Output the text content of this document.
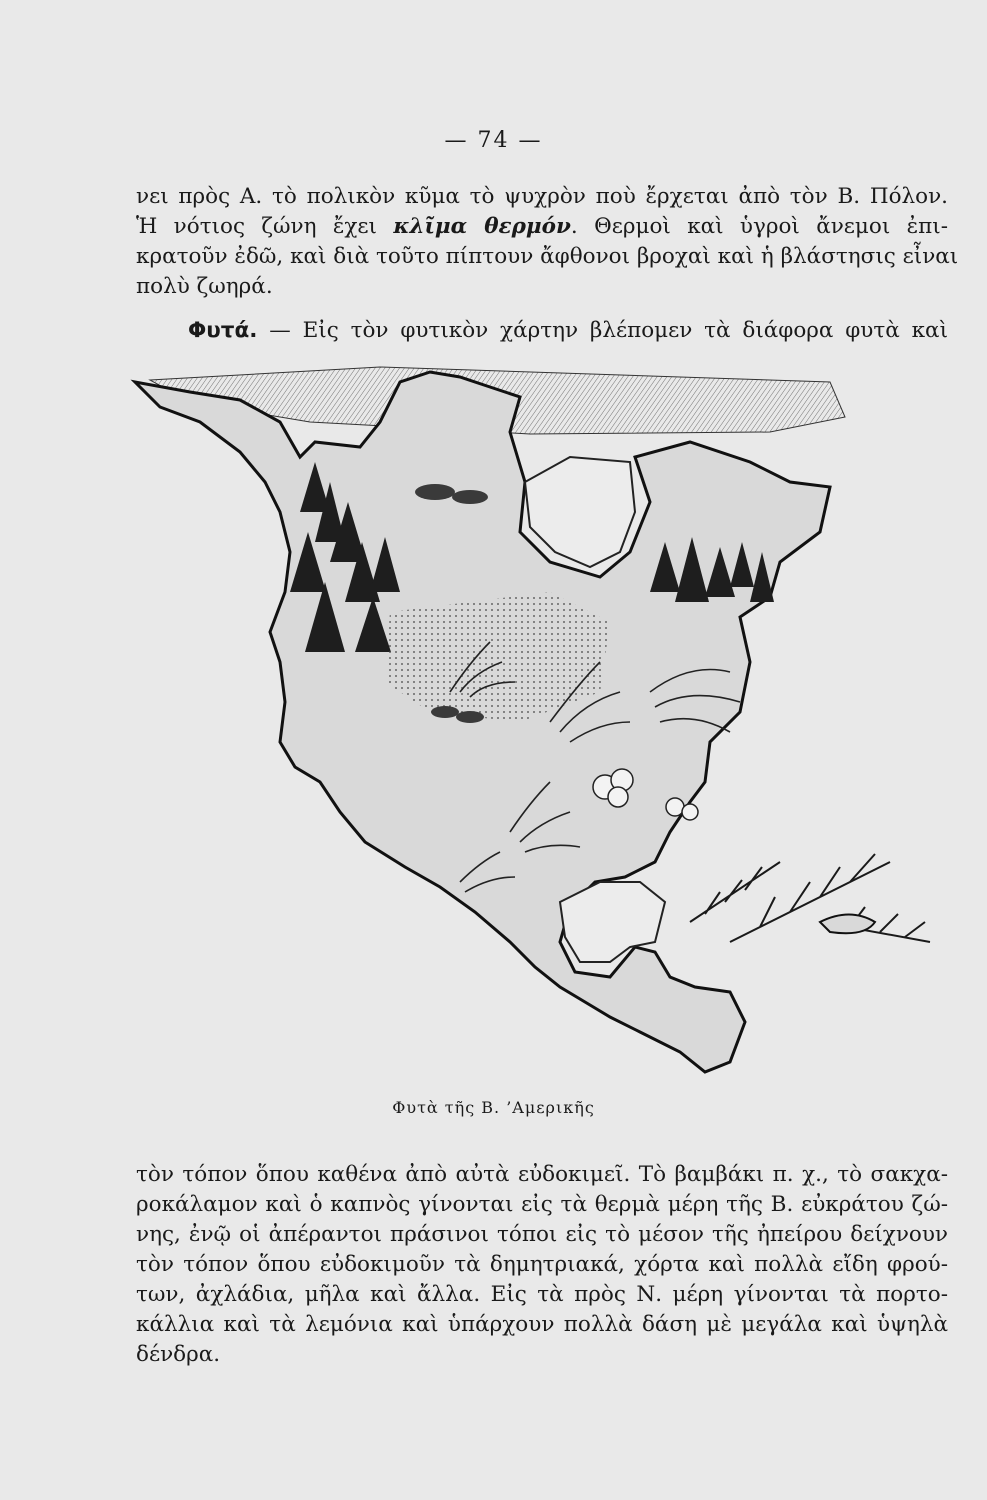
— 74 —

νει πρὸς Α. τὸ πολικὸν κῦμα τὸ ψυχρὸν ποὺ ἔρχεται ἀπὸ τὸν Β. Πόλον.
Ἡ νότιος ζώνη ἔχει κλῖμα θερμόν. Θερμοὶ καὶ ὑγροὶ ἄνεμοι ἐπι-
κρατοῦν ἐδῶ, καὶ διὰ τοῦτο πίπτουν ἄφθονοι βροχαὶ καὶ ἡ βλάστησις εἶναι
πολὺ ζωηρά.

Φυτά. — Εἰς τὸν φυτικὸν χάρτην βλέπομεν τὰ διάφορα φυτὰ καὶ

Φυτὰ τῆς Β. ’Αμερικῆς

τὸν τόπον ὅπου καθένα ἀπὸ αὐτὰ εὐδοκιμεῖ. Τὸ βαμβάκι π. χ., τὸ σακχα-
ροκάλαμον καὶ ὁ καπνὸς γίνονται εἰς τὰ θερμὰ μέρη τῆς Β. εὐκράτου ζώ-
νης, ἐνῷ οἱ ἀπέραντοι πράσινοι τόποι εἰς τὸ μέσον τῆς ἠπείρου δείχνουν
τὸν τόπον ὅπου εὐδοκιμοῦν τὰ δημητριακά, χόρτα καὶ πολλὰ εἴδη φρού-
των, ἀχλάδια, μῆλα καὶ ἄλλα. Εἰς τὰ πρὸς Ν. μέρη γίνονται τὰ πορτο-
κάλλια καὶ τὰ λεμόνια καὶ ὑπάρχουν πολλὰ δάση μὲ μεγάλα καὶ ὑψηλὰ
δένδρα.
